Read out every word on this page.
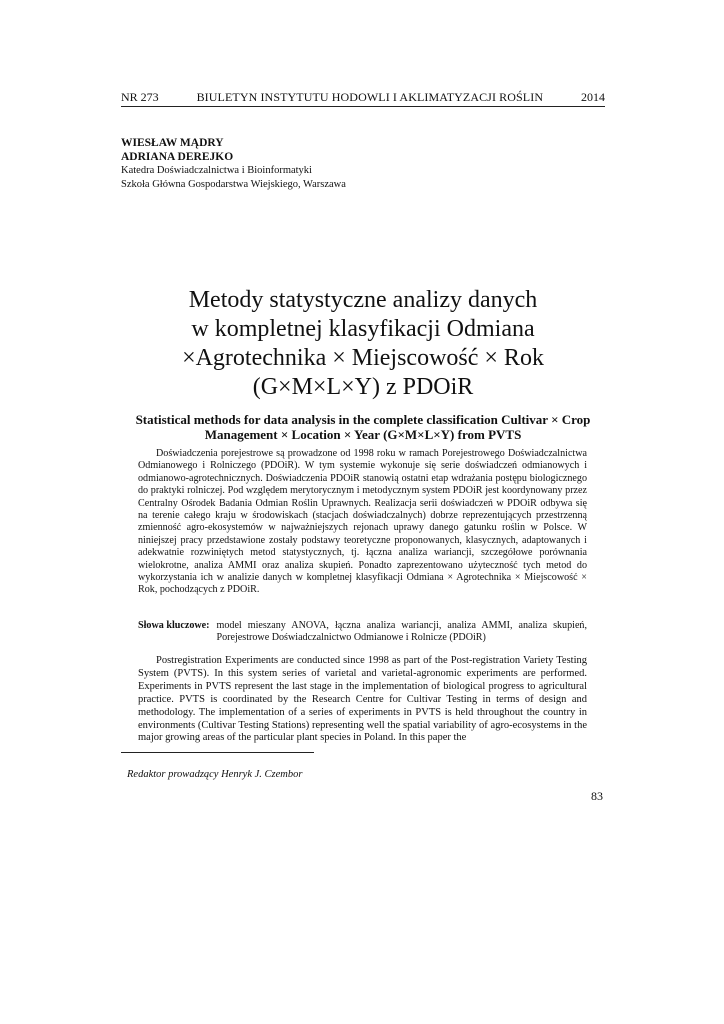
NR 273	BIULETYN INSTYTUTU HODOWLI I AKLIMATYZACJI ROŚLIN	2014
WIESŁAW MĄDRY
ADRIANA DEREJKO
Katedra Doświadczalnictwa i Bioinformatyki
Szkoła Główna Gospodarstwa Wiejskiego, Warszawa
Metody statystyczne analizy danych
w kompletnej klasyfikacji Odmiana
×Agrotechnika × Miejscowość × Rok
(G×M×L×Y) z PDOiR
Statistical methods for data analysis in the complete classification Cultivar × Crop
Management × Location × Year (G×M×L×Y) from PVTS

Doświadczenia porejestrowe są prowadzone od 1998 roku w ramach Porejestrowego Doświadczalnictwa Odmianowego i Rolniczego (PDOiR). W tym systemie wykonuje się serie doświadczeń odmianowych i odmianowo-agrotechnicznych. Doświadczenia PDOiR stanowią ostatni etap wdrażania postępu biologicznego do praktyki rolniczej. Pod względem merytorycznym i metodycznym system PDOiR jest koordynowany przez Centralny Ośrodek Badania Odmian Roślin Uprawnych. Realizacja serii doświadczeń w PDOiR odbywa się na terenie całego kraju w środowiskach (stacjach doświadczalnych) dobrze reprezentujących przestrzenną zmienność agro-ekosystemów w najważniejszych rejonach uprawy danego gatunku roślin w Polsce. W niniejszej pracy przedstawione zostały podstawy teoretyczne proponowanych, klasycznych, adaptowanych i adekwatnie rozwiniętych metod statystycznych, tj. łączna analiza wariancji, szczegółowe porównania wielokrotne, analiza AMMI oraz analiza skupień. Ponadto zaprezentowano użyteczność tych metod do wykorzystania ich w analizie danych w kompletnej klasyfikacji Odmiana × Agrotechnika × Miejscowość × Rok, pochodzących z PDOiR.

Słowa kluczowe: model mieszany ANOVA, łączna analiza wariancji, analiza AMMI, analiza skupień, Porejestrowe Doświadczalnictwo Odmianowe i Rolnicze (PDOiR)

Postregistration Experiments are conducted since 1998 as part of the Post-registration Variety Testing System (PVTS). In this system series of varietal and varietal-agronomic experiments are performed. Experiments in PVTS represent the last stage in the implementation of biological progress to agricultural practice. PVTS is coordinated by the Research Centre for Cultivar Testing in terms of design and methodology. The implementation of a series of experiments in PVTS is held throughout the country in environments (Cultivar Testing Stations) representing well the spatial variability of agro-ecosystems in the major growing areas of the particular plant species in Poland. In this paper the

Redaktor prowadzący Henryk J. Czembor
83
